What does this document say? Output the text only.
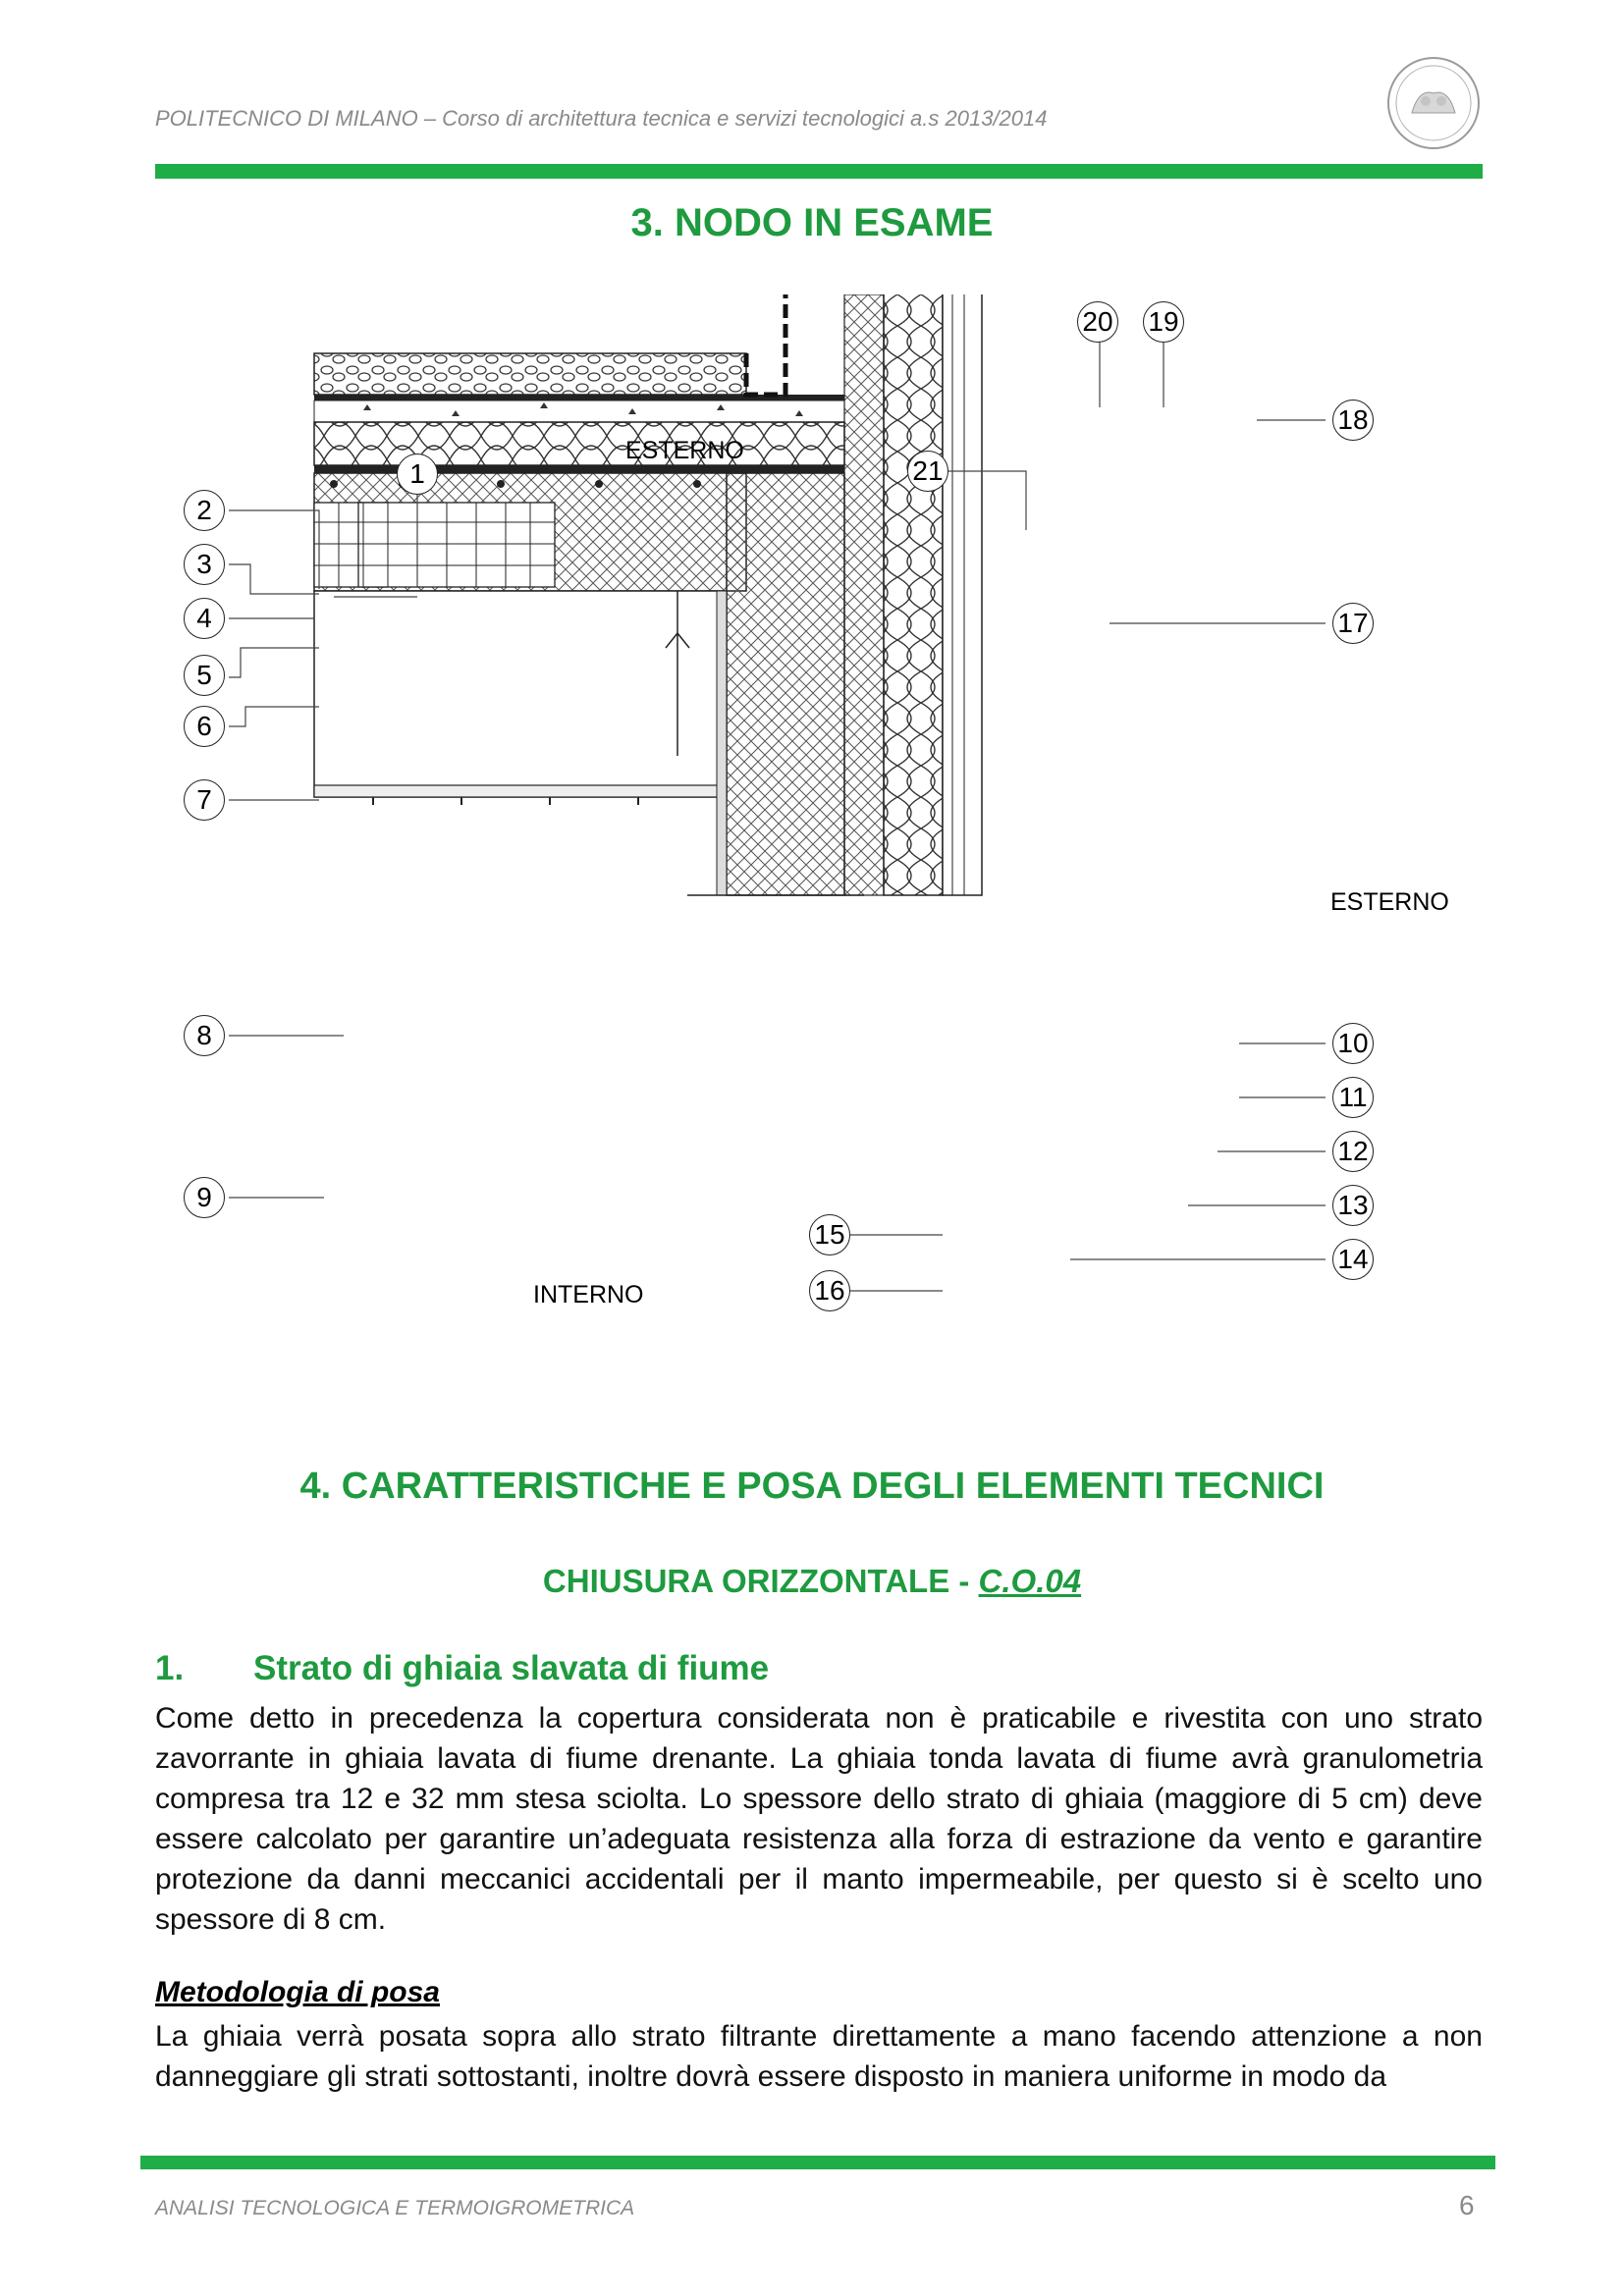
POLITECNICO DI MILANO – Corso di architettura tecnica e servizi tecnologici a.s 2013/2014
3. NODO IN ESAME
4. CARATTERISTICHE E POSA DEGLI ELEMENTI TECNICI
CHIUSURA ORIZZONTALE - C.O.04
1. Strato di ghiaia slavata di fiume
Come detto in precedenza la copertura considerata non è praticabile e rivestita con uno strato zavorrante in ghiaia lavata di fiume drenante. La ghiaia tonda lavata di fiume avrà granulometria compresa tra 12 e 32 mm stesa sciolta. Lo spessore dello strato di ghiaia (maggiore di 5 cm) deve essere calcolato per garantire un’adeguata resistenza alla forza di estrazione da vento e garantire protezione da danni meccanici accidentali per il manto impermeabile, per questo si è scelto uno spessore di 8 cm.
Metodologia di posa
La ghiaia verrà posata sopra allo strato filtrante direttamente a mano facendo attenzione a non danneggiare gli strati sottostanti, inoltre dovrà essere disposto in maniera uniforme in modo da
ANALISI TECNOLOGICA E TERMOIGROMETRICA	6
ESTERNO
ESTERNO
INTERNO
1
2
3
4
5
6
7
8
9
10
11
12
13
14
15
16
17
18
19
20
21
